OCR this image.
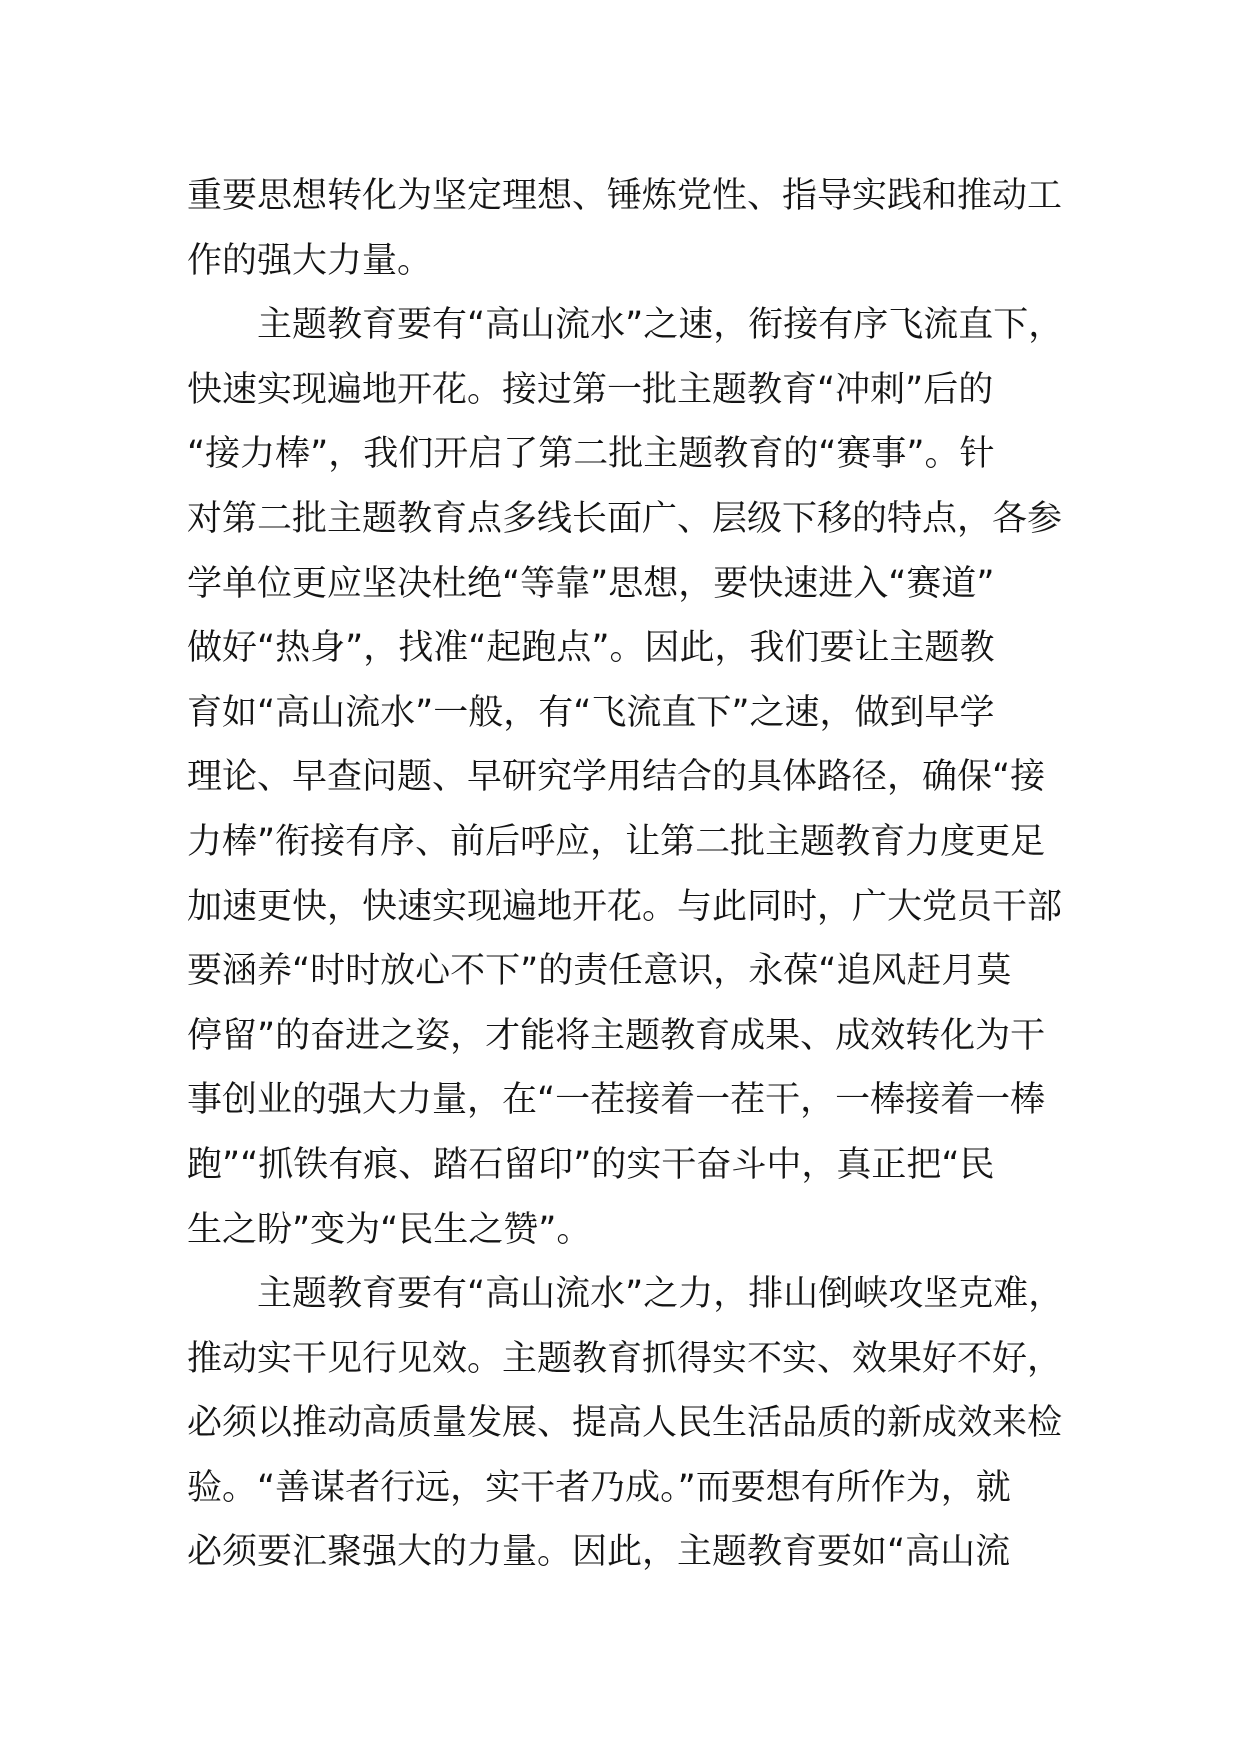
重要思想转化为坚定理想、锤炼党性、指导实践和推动工
作的强大力量。

主题教育要有“高山流水”之速，衔接有序飞流直下，
快速实现遍地开花。接过第一批主题教育“冲刺”后的
“接力棒”，我们开启了第二批主题教育的“赛事”。针
对第二批主题教育点多线长面广、层级下移的特点，各参
学单位更应坚决杜绝“等靠”思想，要快速进入“赛道”
做好“热身”，找准“起跑点”。因此，我们要让主题教
育如“高山流水”一般，有“飞流直下”之速，做到早学
理论、早查问题、早研究学用结合的具体路径，确保“接
力棒”衔接有序、前后呼应，让第二批主题教育力度更足
加速更快，快速实现遍地开花。与此同时，广大党员干部
要涵养“时时放心不下”的责任意识，永葆“追风赶月莫
停留”的奋进之姿，才能将主题教育成果、成效转化为干
事创业的强大力量，在“一茬接着一茬干，一棒接着一棒
跑”“抓铁有痕、踏石留印”的实干奋斗中，真正把“民
生之盼”变为“民生之赞”。

主题教育要有“高山流水”之力，排山倒峡攻坚克难，
推动实干见行见效。主题教育抓得实不实、效果好不好，
必须以推动高质量发展、提高人民生活品质的新成效来检
验。“善谋者行远，实干者乃成。”而要想有所作为，就
必须要汇聚强大的力量。因此，主题教育要如“高山流
